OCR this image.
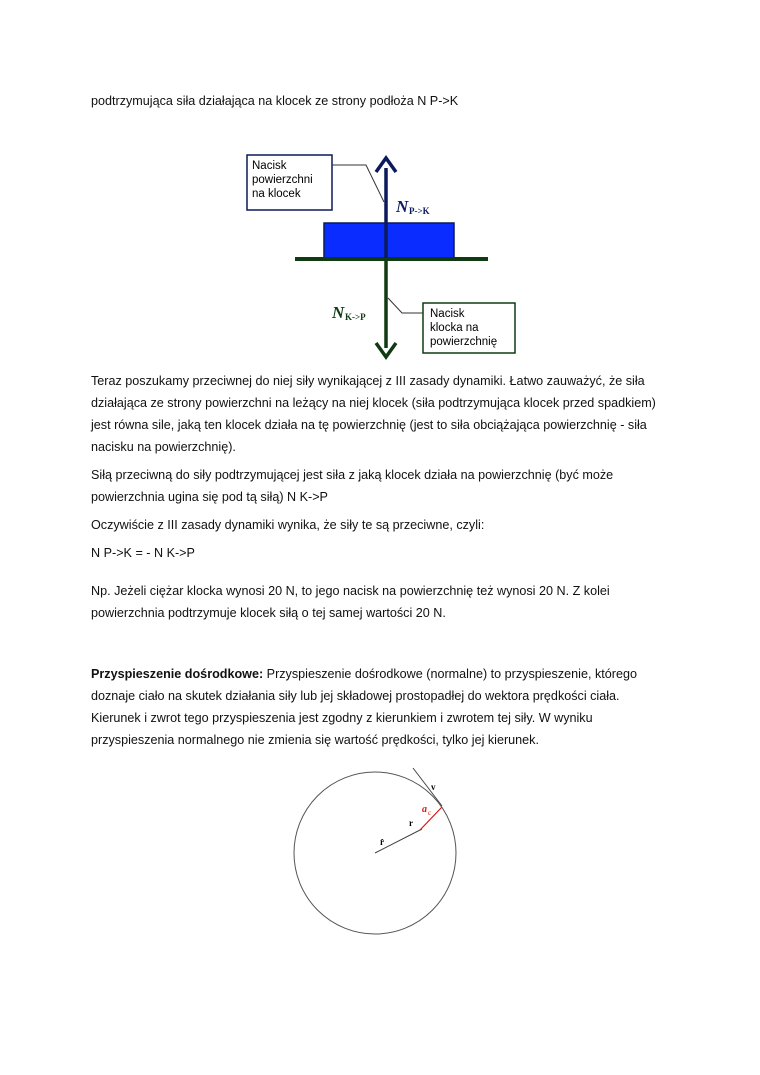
podtrzymująca siła działająca na klocek ze strony podłoża N P->K
Nacisk
powierzchni
na klocek
N P->K
N K->P	Nacisk
klocka na
powierzchnię
v
a c
r
r̂
Teraz poszukamy przeciwnej do niej siły wynikającej z III zasady dynamiki. Łatwo zauważyć, że siła
działająca ze strony powierzchni na leżący na niej klocek (siła podtrzymująca klocek przed spadkiem)
jest równa sile, jaką ten klocek działa na tę powierzchnię (jest to siła obciążająca powierzchnię - siła
nacisku na powierzchnię).
Siłą przeciwną do siły podtrzymującej jest siła z jaką klocek działa na powierzchnię (być może
powierzchnia ugina się pod tą siłą) N K->P
Oczywiście z III zasady dynamiki wynika, że siły te są przeciwne, czyli:
N P->K = - N K->P
Np. Jeżeli ciężar klocka wynosi 20 N, to jego nacisk na powierzchnię też wynosi 20 N. Z kolei
powierzchnia podtrzymuje klocek siłą o tej samej wartości 20 N.
Przyspieszenie dośrodkowe: Przyspieszenie dośrodkowe (normalne) to przyspieszenie, którego
doznaje ciało na skutek działania siły lub jej składowej prostopadłej do wektora prędkości ciała.
Kierunek i zwrot tego przyspieszenia jest zgodny z kierunkiem i zwrotem tej siły. W wyniku
przyspieszenia normalnego nie zmienia się wartość prędkości, tylko jej kierunek.
